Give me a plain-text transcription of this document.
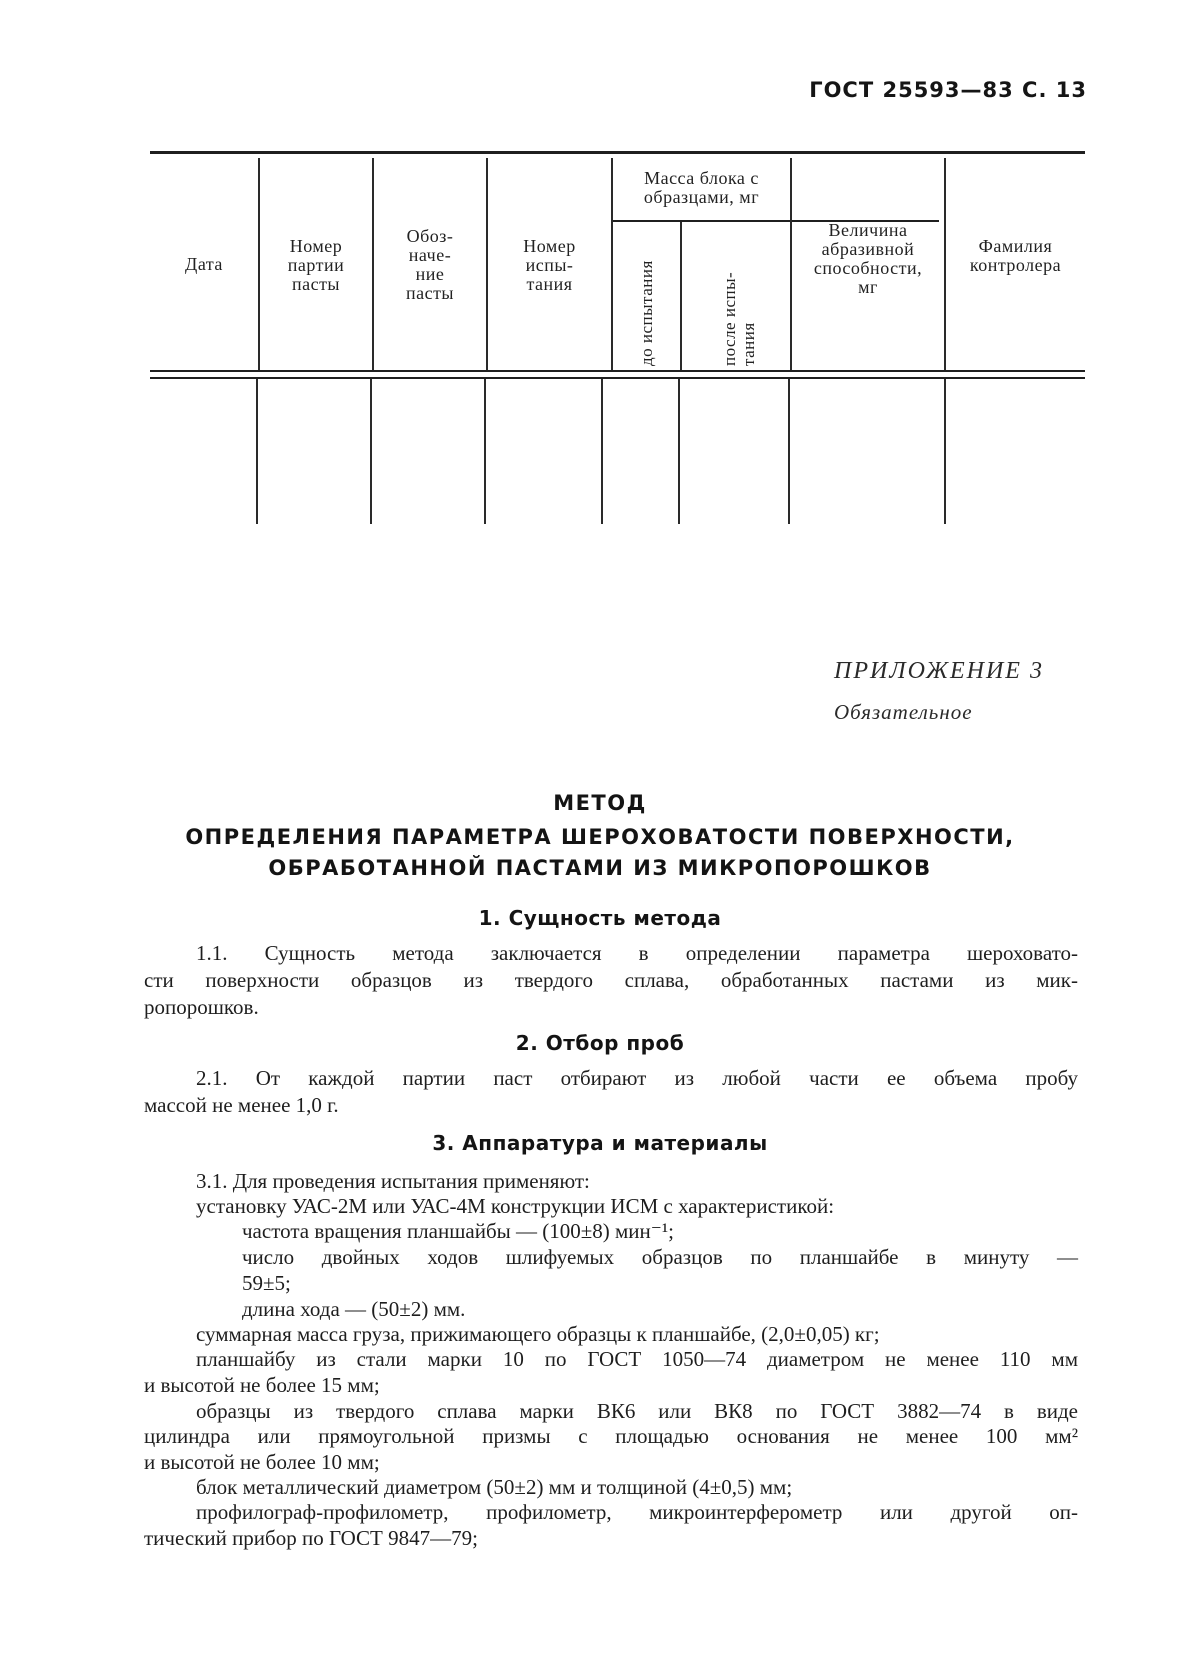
ГОСТ 25593—83 С. 13
Дата
Номер
партии
пасты
Обоз-
наче-
ние
пасты
Номер
испы-
тания
Масса блока с
образцами, мг
до испытания	после испы-
тания
Величина
абразивной
способности,
мг
Фамилия
контролера
ПРИЛОЖЕНИЕ 3
Обязательное
МЕТОД
ОПРЕДЕЛЕНИЯ ПАРАМЕТРА ШЕРОХОВАТОСТИ ПОВЕРХНОСТИ,
ОБРАБОТАННОЙ ПАСТАМИ ИЗ МИКРОПОРОШКОВ
1. Сущность метода
1.1. Сущность метода заключается в определении параметра шероховато-
сти поверхности образцов из твердого сплава, обработанных пастами из мик-
ропорошков.
2. Отбор проб
2.1. От каждой партии паст отбирают из любой части ее объема пробу
массой не менее 1,0 г.
3. Аппаратура и материалы
3.1. Для проведения испытания применяют:
установку УАС-2М или УАС-4М конструкции ИСМ с характеристикой:
частота вращения планшайбы — (100±8) мин⁻¹;
число двойных ходов шлифуемых образцов по планшайбе в минуту —
59±5;
длина хода — (50±2) мм.
суммарная масса груза, прижимающего образцы к планшайбе, (2,0±0,05) кг;
планшайбу из стали марки 10 по ГОСТ 1050—74 диаметром не менее 110 мм
и высотой не более 15 мм;
образцы из твердого сплава марки ВК6 или ВК8 по ГОСТ 3882—74 в виде
цилиндра или прямоугольной призмы с площадью основания не менее 100 мм²
и высотой не более 10 мм;
блок металлический диаметром (50±2) мм и толщиной (4±0,5) мм;
профилограф-профилометр, профилометр, микроинтерферометр или другой оп-
тический прибор по ГОСТ 9847—79;
